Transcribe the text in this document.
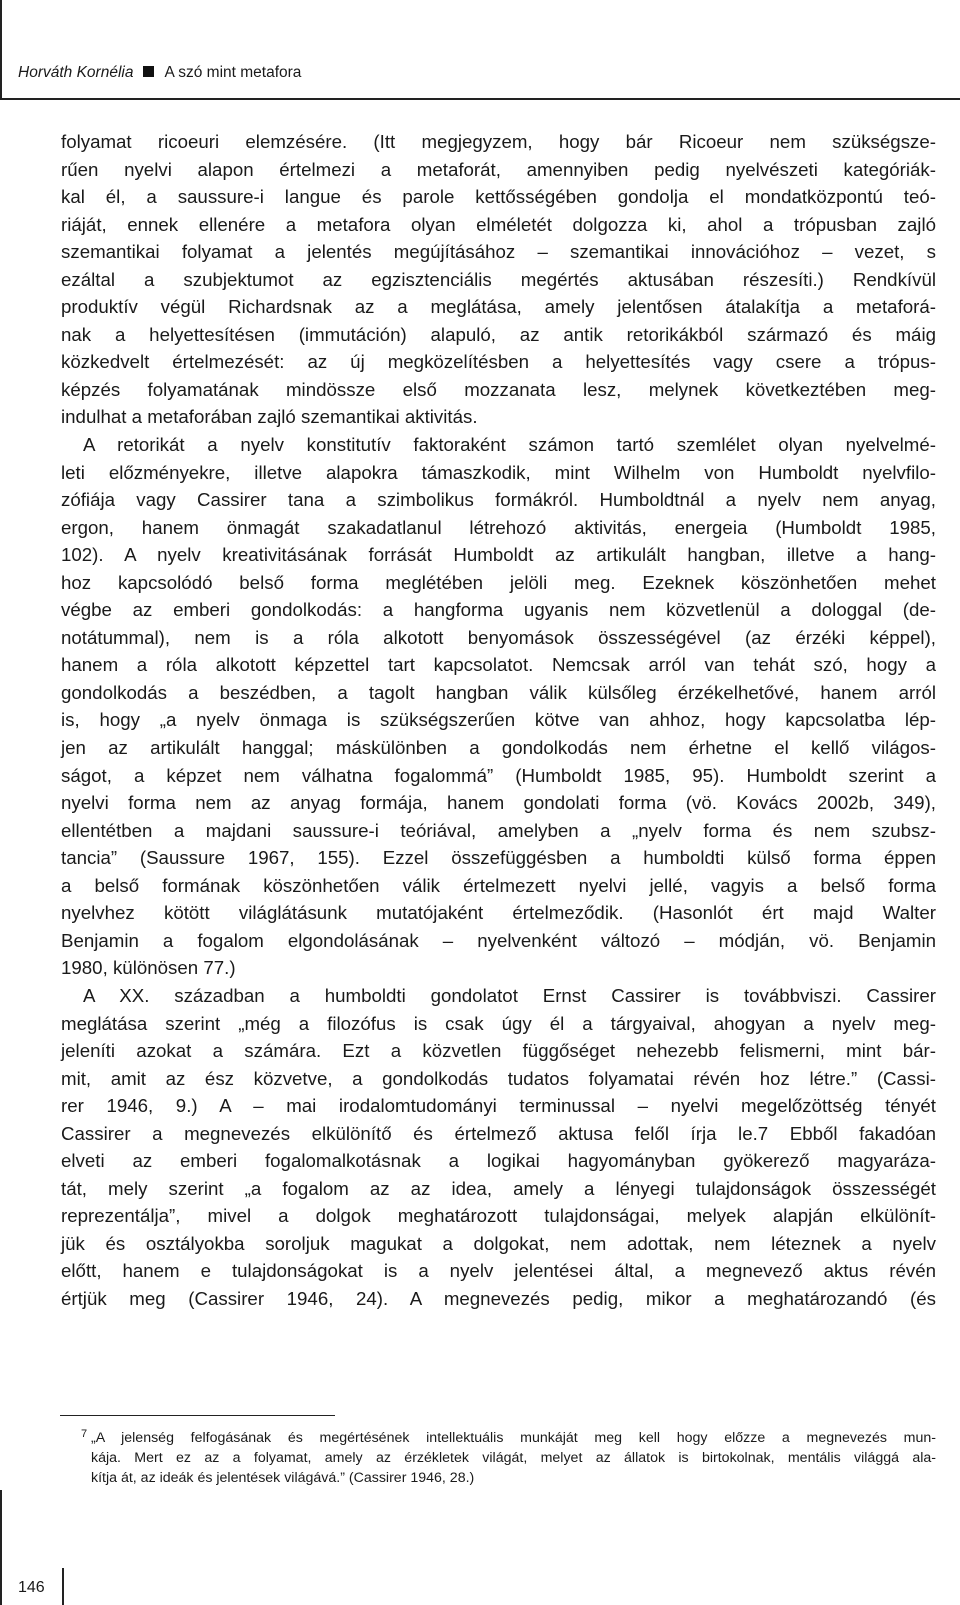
Horváth Kornélia A szó mint metafora
folyamat ricoeuri elemzésére. (Itt megjegyzem, hogy bár Ricoeur nem szükségsze-
rűen nyelvi alapon értelmezi a metaforát, amennyiben pedig nyelvészeti kategóriák-
kal él, a saussure-i langue és parole kettősségében gondolja el mondatközpontú teó-
riáját, ennek ellenére a metafora olyan elméletét dolgozza ki, ahol a trópusban zajló
szemantikai folyamat a jelentés megújításához – szemantikai innovációhoz – vezet, s
ezáltal a szubjektumot az egzisztenciális megértés aktusában részesíti.) Rendkívül
produktív végül Richardsnak az a meglátása, amely jelentősen átalakítja a metaforá-
nak a helyettesítésen (immutáción) alapuló, az antik retorikákból származó és máig
közkedvelt értelmezését: az új megközelítésben a helyettesítés vagy csere a trópus-
képzés folyamatának mindössze első mozzanata lesz, melynek következtében meg-
indulhat a metaforában zajló szemantikai aktivitás.
A retorikát a nyelv konstitutív faktoraként számon tartó szemlélet olyan nyelvelmé-
leti előzményekre, illetve alapokra támaszkodik, mint Wilhelm von Humboldt nyelvfilo-
zófiája vagy Cassirer tana a szimbolikus formákról. Humboldtnál a nyelv nem anyag,
ergon, hanem önmagát szakadatlanul létrehozó aktivitás, energeia (Humboldt 1985,
102). A nyelv kreativitásának forrását Humboldt az artikulált hangban, illetve a hang-
hoz kapcsolódó belső forma meglétében jelöli meg. Ezeknek köszönhetően mehet
végbe az emberi gondolkodás: a hangforma ugyanis nem közvetlenül a dologgal (de-
notátummal), nem is a róla alkotott benyomások összességével (az érzéki képpel),
hanem a róla alkotott képzettel tart kapcsolatot. Nemcsak arról van tehát szó, hogy a
gondolkodás a beszédben, a tagolt hangban válik külsőleg érzékelhetővé, hanem arról
is, hogy „a nyelv önmaga is szükségszerűen kötve van ahhoz, hogy kapcsolatba lép-
jen az artikulált hanggal; máskülönben a gondolkodás nem érhetne el kellő világos-
ságot, a képzet nem válhatna fogalommá” (Humboldt 1985, 95). Humboldt szerint a
nyelvi forma nem az anyag formája, hanem gondolati forma (vö. Kovács 2002b, 349),
ellentétben a majdani saussure-i teóriával, amelyben a „nyelv forma és nem szubsz-
tancia” (Saussure 1967, 155). Ezzel összefüggésben a humboldti külső forma éppen
a belső formának köszönhetően válik értelmezett nyelvi jellé, vagyis a belső forma
nyelvhez kötött világlátásunk mutatójaként értelmeződik. (Hasonlót ért majd Walter
Benjamin a fogalom elgondolásának – nyelvenként változó – módján, vö. Benjamin
1980, különösen 77.)
A XX. században a humboldti gondolatot Ernst Cassirer is továbbviszi. Cassirer
meglátása szerint „még a filozófus is csak úgy él a tárgyaival, ahogyan a nyelv meg-
jeleníti azokat a számára. Ezt a közvetlen függőséget nehezebb felismerni, mint bár-
mit, amit az ész közvetve, a gondolkodás tudatos folyamatai révén hoz létre.” (Cassi-
rer 1946, 9.) A – mai irodalomtudományi terminussal – nyelvi megelőzöttség tényét
Cassirer a megnevezés elkülönítő és értelmező aktusa felől írja le.7 Ebből fakadóan
elveti az emberi fogalomalkotásnak a logikai hagyományban gyökerező magyaráza-
tát, mely szerint „a fogalom az az idea, amely a lényegi tulajdonságok összességét
reprezentálja”, mivel a dolgok meghatározott tulajdonságai, melyek alapján elkülönít-
jük és osztályokba soroljuk magukat a dolgokat, nem adottak, nem léteznek a nyelv
előtt, hanem e tulajdonságokat is a nyelv jelentései által, a megnevező aktus révén
értjük meg (Cassirer 1946, 24). A megnevezés pedig, mikor a meghatározandó (és
7 „A jelenség felfogásának és megértésének intellektuális munkáját meg kell hogy előzze a megnevezés mun-
kája. Mert ez az a folyamat, amely az érzékletek világát, melyet az állatok is birtokolnak, mentális világgá ala-
kítja át, az ideák és jelentések világává.” (Cassirer 1946, 28.)
146
